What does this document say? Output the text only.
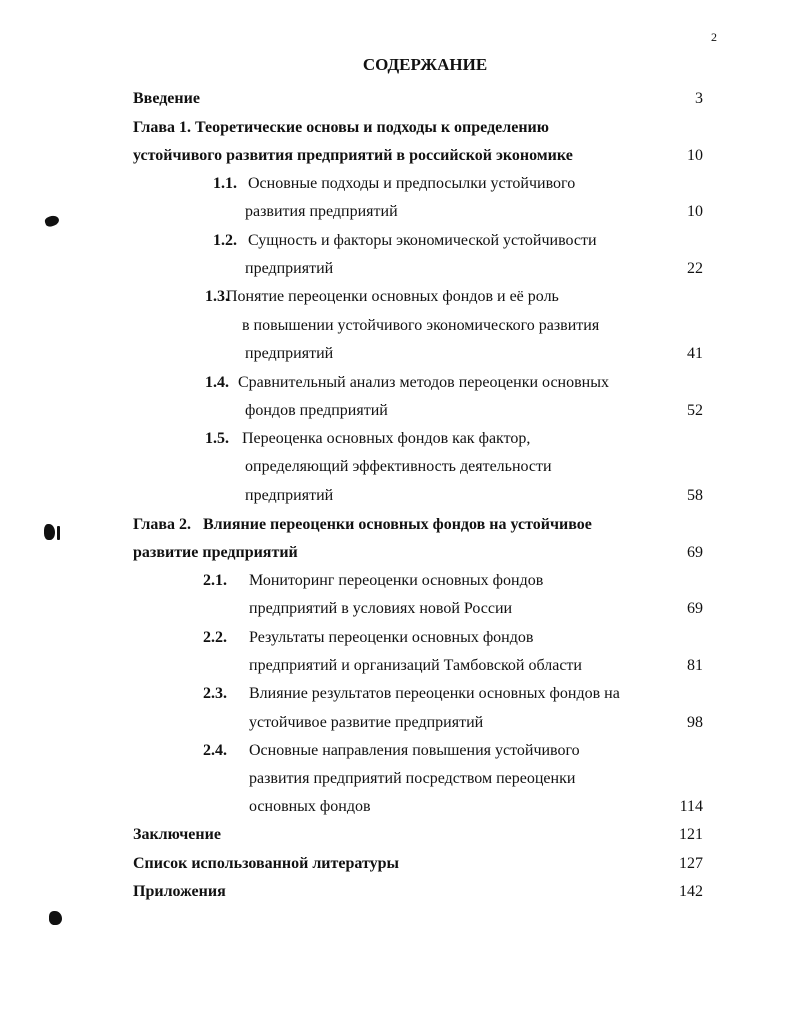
2
СОДЕРЖАНИЕ
Введение	3
Глава 1. Теоретические основы и подходы к определению
устойчивого развития предприятий в российской экономике	10
1.1. Основные подходы и предпосылки устойчивого
развития предприятий	10
1.2. Сущность и факторы экономической устойчивости
предприятий	22
1.3.
Понятие переоценки основных фондов и её роль
в повышении устойчивого экономического развития
предприятий	41
1.4. Сравнительный анализ методов переоценки основных
фондов предприятий	52
1.5. Переоценка основных фондов как фактор,
определяющий эффективность деятельности
предприятий	58
Глава 2.   Влияние переоценки основных фондов на устойчивое
развитие предприятий	69
2.1. Мониторинг переоценки основных фондов
предприятий в условиях новой России	69
2.2. Результаты переоценки основных фондов
предприятий и организаций Тамбовской области	81
2.3. Влияние результатов переоценки основных фондов на
устойчивое развитие предприятий	98
2.4. Основные направления повышения устойчивого
развития предприятий посредством переоценки
основных фондов	114
Заключение	121
Список использованной литературы	127
Приложения	142
